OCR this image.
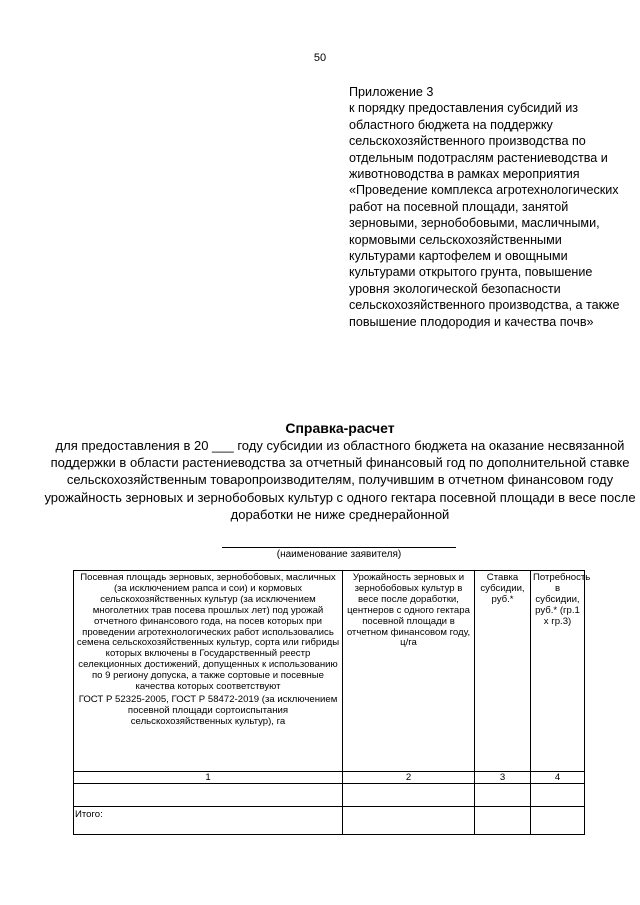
50
Приложение 3
к порядку предоставления субсидий из областного бюджета на поддержку сельскохозяйственного производства по отдельным подотраслям растениеводства и животноводства в рамках мероприятия «Проведение комплекса агротехнологических работ на посевной площади, занятой зерновыми, зернобобовыми, масличными, кормовыми сельскохозяйственными культурами картофелем и овощными культурами открытого грунта, повышение уровня экологической безопасности сельскохозяйственного производства, а также повышение плодородия и качества почв»
Справка-расчет
для предоставления в 20 ___ году субсидии из областного бюджета на оказание несвязанной поддержки в области растениеводства за отчетный финансовый год по дополнительной ставке сельскохозяйственным товаропроизводителям, получившим в отчетном финансовом году урожайность зерновых и зернобобовых культур с одного гектара посевной площади в весе после доработки не ниже среднерайонной
(наименование заявителя)
Посевная площадь зерновых, зернобобовых, масличных (за исключением рапса и сои) и кормовых сельскохозяйственных культур (за исключением многолетних трав посева прошлых лет) под урожай отчетного финансового года, на посев которых при проведении агротехнологических работ использовались семена сельскохозяйственных культур, сорта или гибриды которых включены в Государственный реестр селекционных достижений, допущенных к использованию по 9 региону допуска, а также сортовые и посевные качества которых соответствуют
ГОСТ Р 52325-2005, ГОСТ Р 58472-2019 (за исключением посевной площади сортоиспытания сельскохозяйственных культур), га	Урожайность зерновых и зернобобовых культур в весе после доработки, центнеров с одного гектара посевной площади в отчетном финансовом году, ц/га	Ставка субсидии, руб.*	Потребность в субсидии, руб.* (гр.1 х гр.3)
1	2	3	4

Итого:			
